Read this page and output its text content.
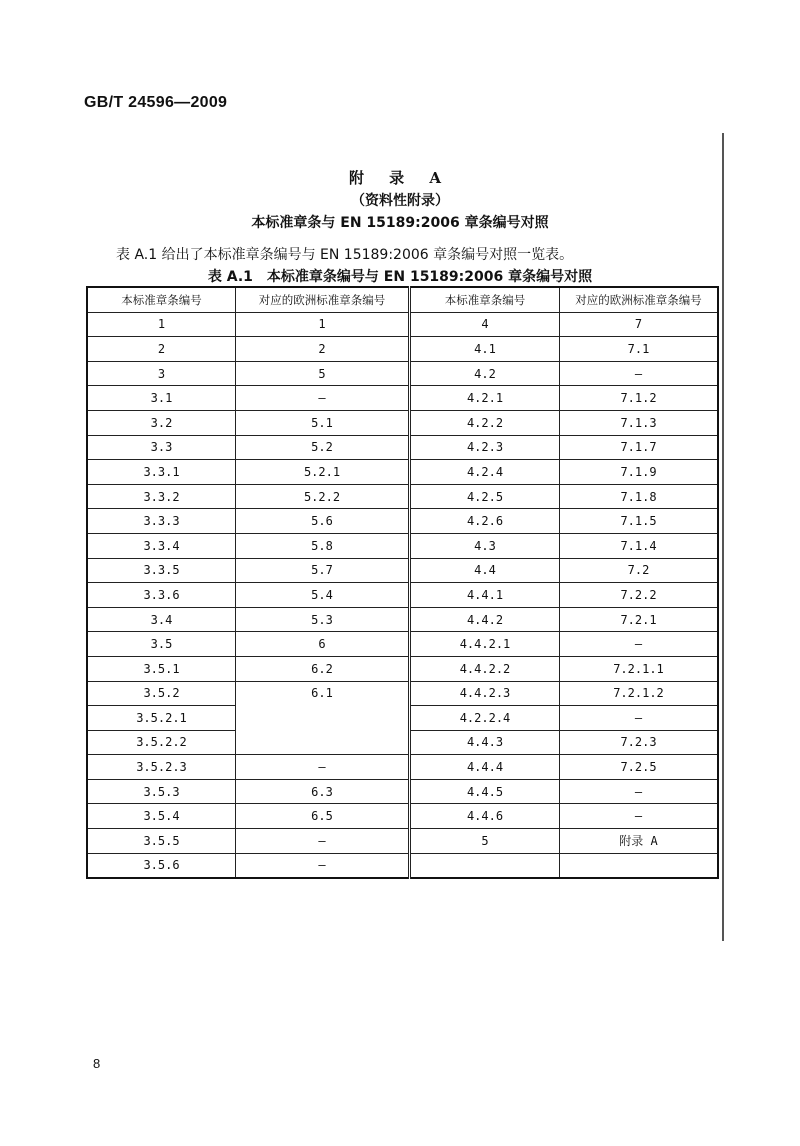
GB/T 24596—2009
附 录 A
（资料性附录）
本标准章条与 EN 15189:2006 章条编号对照
表 A.1 给出了本标准章条编号与 EN 15189:2006 章条编号对照一览表。
表 A.1　本标准章条编号与 EN 15189:2006 章条编号对照
本标准章条编号	对应的欧洲标准章条编号	本标准章条编号	对应的欧洲标准章条编号
1	1	4	7
2	2	4.1	7.1
3	5	4.2	—
3.1	—	4.2.1	7.1.2
3.2	5.1	4.2.2	7.1.3
3.3	5.2	4.2.3	7.1.7
3.3.1	5.2.1	4.2.4	7.1.9
3.3.2	5.2.2	4.2.5	7.1.8
3.3.3	5.6	4.2.6	7.1.5
3.3.4	5.8	4.3	7.1.4
3.3.5	5.7	4.4	7.2
3.3.6	5.4	4.4.1	7.2.2
3.4	5.3	4.4.2	7.2.1
3.5	6	4.4.2.1	—
3.5.1	6.2	4.4.2.2	7.2.1.1
3.5.2	6.1	4.4.2.3	7.2.1.2
3.5.2.1		4.2.2.4	—
3.5.2.2		4.4.3	7.2.3
3.5.2.3	—	4.4.4	7.2.5
3.5.3	6.3	4.4.5	—
3.5.4	6.5	4.4.6	—
3.5.5	—	5	附录 A
3.5.6	—		
8
